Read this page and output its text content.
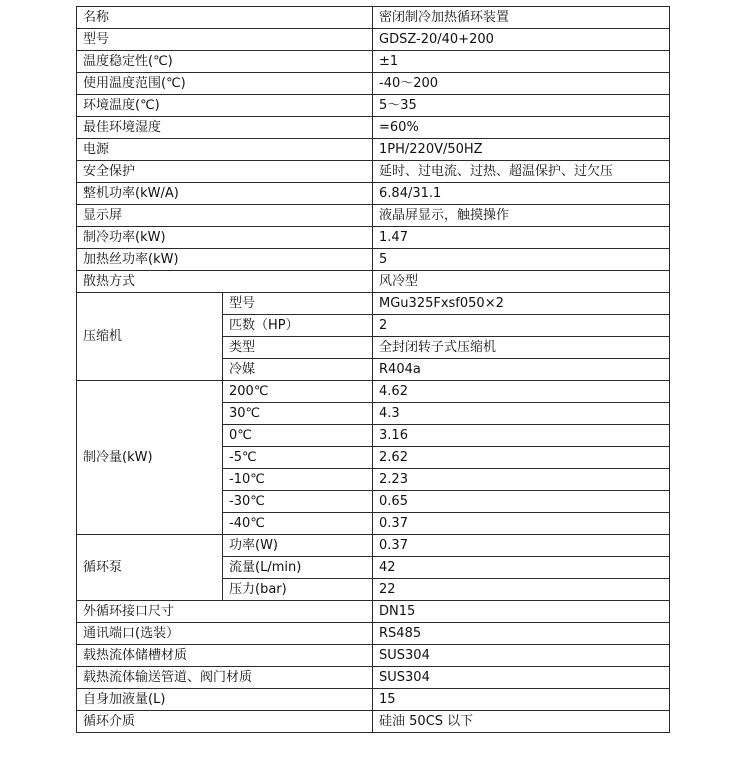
名称		密闭制冷加热循环装置
型号		GDSZ-20/40+200
温度稳定性(℃)		±1
使用温度范围(℃)		-40～200
环境温度(℃)		5～35
最佳环境湿度		=60%
电源		1PH/220V/50HZ
安全保护		延时、过电流、过热、超温保护、过欠压
整机功率(kW/A)		6.84/31.1
显示屏		液晶屏显示，触摸操作
制冷功率(kW)		1.47
加热丝功率(kW)		5
散热方式		风冷型
压缩机	型号	MGu325Fxsf050×2
	匹数（HP）	2
	类型	全封闭转子式压缩机
	冷媒	R404a
制冷量(kW)	200℃	4.62
	30℃	4.3
	0℃	3.16
	-5℃	2.62
	-10℃	2.23
	-30℃	0.65
	-40℃	0.37
循环泵	功率(W)	0.37
	流量(L/min)	42
	压力(bar)	22
外循环接口尺寸		DN15
通讯端口(选装）		RS485
载热流体储槽材质		SUS304
载热流体输送管道、阀门材质		SUS304
自身加液量(L)		15
循环介质		硅油 50CS 以下
